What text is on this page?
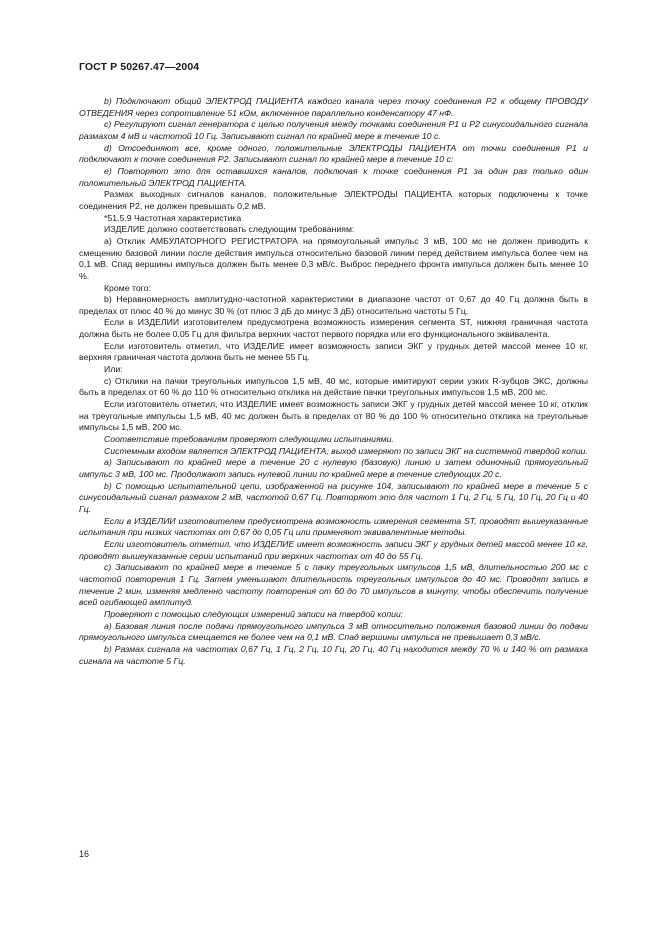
ГОСТ Р 50267.47—2004

b) Подключают общий ЭЛЕКТРОД ПАЦИЕНТА каждого канала через точку соединения Р2 к общему ПРОВОДУ ОТВЕДЕНИЯ через сопротивление 51 кОм, включенное параллельно конденсатору 47 нФ.

c) Регулируют сигнал генератора с целью получения между точками соединения Р1 и Р2 синусоидального сигнала размахом 4 мВ и частотой 10 Гц. Записывают сигнал по крайней мере в течение 10 с.

d) Отсоединяют все, кроме одного, положительные ЭЛЕКТРОДЫ ПАЦИЕНТА от точки соединения Р1 и подключают к точке соединения Р2. Записывают сигнал по крайней мере в течение 10 с:

e) Повторяют это для оставшихся каналов, подключая к точке соединения Р1 за один раз только один положительный ЭЛЕКТРОД ПАЦИЕНТА.

Размах выходных сигналов каналов, положительные ЭЛЕКТРОДЫ ПАЦИЕНТА которых подключены к точке соединения Р2, не должен превышать 0,2 мВ.

*51.5.9 Частотная характеристика

ИЗДЕЛИЕ должно соответствовать следующим требованиям:

a) Отклик АМБУЛАТОРНОГО РЕГИСТРАТОРА на прямоугольный импульс 3 мВ, 100 мс не должен приводить к смещению базовой линии после действия импульса относительно базовой линии перед действием импульса более чем на 0,1 мВ. Спад вершины импульса должен быть менее 0,3 мВ/с. Выброс переднего фронта импульса должен быть менее 10 %.

Кроме того:

b) Неравномерность амплитудно-частотной характеристики в диапазоне частот от 0,67 до 40 Гц должна быть в пределах от плюс 40 % до минус 30 % (от плюс 3 дБ до минус 3 дБ) относительно частоты 5 Гц.

Если в ИЗДЕЛИИ изготовителем предусмотрена возможность измерения сегмента ST, нижняя граничная частота должна быть не более 0,05 Гц для фильтра верхних частот первого порядка или его функционального эквивалента.

Если изготовитель отметил, что ИЗДЕЛИЕ имеет возможность записи ЭКГ у грудных детей массой менее 10 кг, верхняя граничная частота должна быть не менее 55 Гц.

Или:

c) Отклики на пачки треугольных импульсов 1,5 мВ, 40 мс, которые имитируют серии узких R-зубцов ЭКС, должны быть в пределах от 60 % до 110 % относительно отклика на действие пачки треугольных импульсов 1,5 мВ, 200 мс.

Если изготовитель отметил, что ИЗДЕЛИЕ имеет возможность записи ЭКГ у грудных детей массой менее 10 кг, отклик на треугольные импульсы 1,5 мВ, 40 мс должен быть в пределах от 80 % до 100 % относительно отклика на треугольные импульсы 1,5 мВ, 200 мс.

Соответствие требованиям проверяют следующими испытаниями.

Системным входом является ЭЛЕКТРОД ПАЦИЕНТА; выход измеряют по записи ЭКГ на системной твердой копии.

a) Записывают по крайней мере в течение 20 с нулевую (базовую) линию и затем одиночный прямоугольный импульс 3 мВ, 100 мс. Продолжают запись нулевой линии по крайней мере в течение следующих 20 с.

b) С помощью испытательной цепи, изображенной на рисунке 104, записывают по крайней мере в течение 5 с синусоидальный сигнал размахом 2 мВ, частотой 0,67 Гц. Повторяют это для частот 1 Гц, 2 Гц, 5 Гц, 10 Гц, 20 Гц и 40 Гц.

Если в ИЗДЕЛИИ изготовителем предусмотрена возможность измерения сегмента ST, проводят вышеуказанные испытания при низких частотах от 0,67 до 0,05 Гц или применяют эквивалентные методы.

Если изготовитель отметил, что ИЗДЕЛИЕ имеет возможность записи ЭКГ у грудных детей массой менее 10 кг, проводят вышеуказанные серии испытаний при верхних частотах от 40 до 55 Гц.

c) Записывают по крайней мере в течение 5 с пачку треугольных импульсов 1,5 мВ, длительностью 200 мс с частотой повторения 1 Гц. Затем уменьшают длительность треугольных импульсов до 40 мс. Проводят запись в течение 2 мин, изменяя медленно частоту повторения от 60 до 70 импульсов в минуту, чтобы обеспечить получение всей огибающей амплитуд.

Проверяют с помощью следующих измерений записи на твердой копии:

a) Базовая линия после подачи прямоугольного импульса 3 мВ относительно положения базовой линии до подачи прямоугольного импульса смещается не более чем на 0,1 мВ. Спад вершины импульса не превышает 0,3 мВ/с.

b) Размах сигнала на частотах 0,67 Гц, 1 Гц, 2 Гц, 10 Гц, 20 Гц, 40 Гц находится между 70 % и 140 % от размаха сигнала на частоте 5 Гц.

16
